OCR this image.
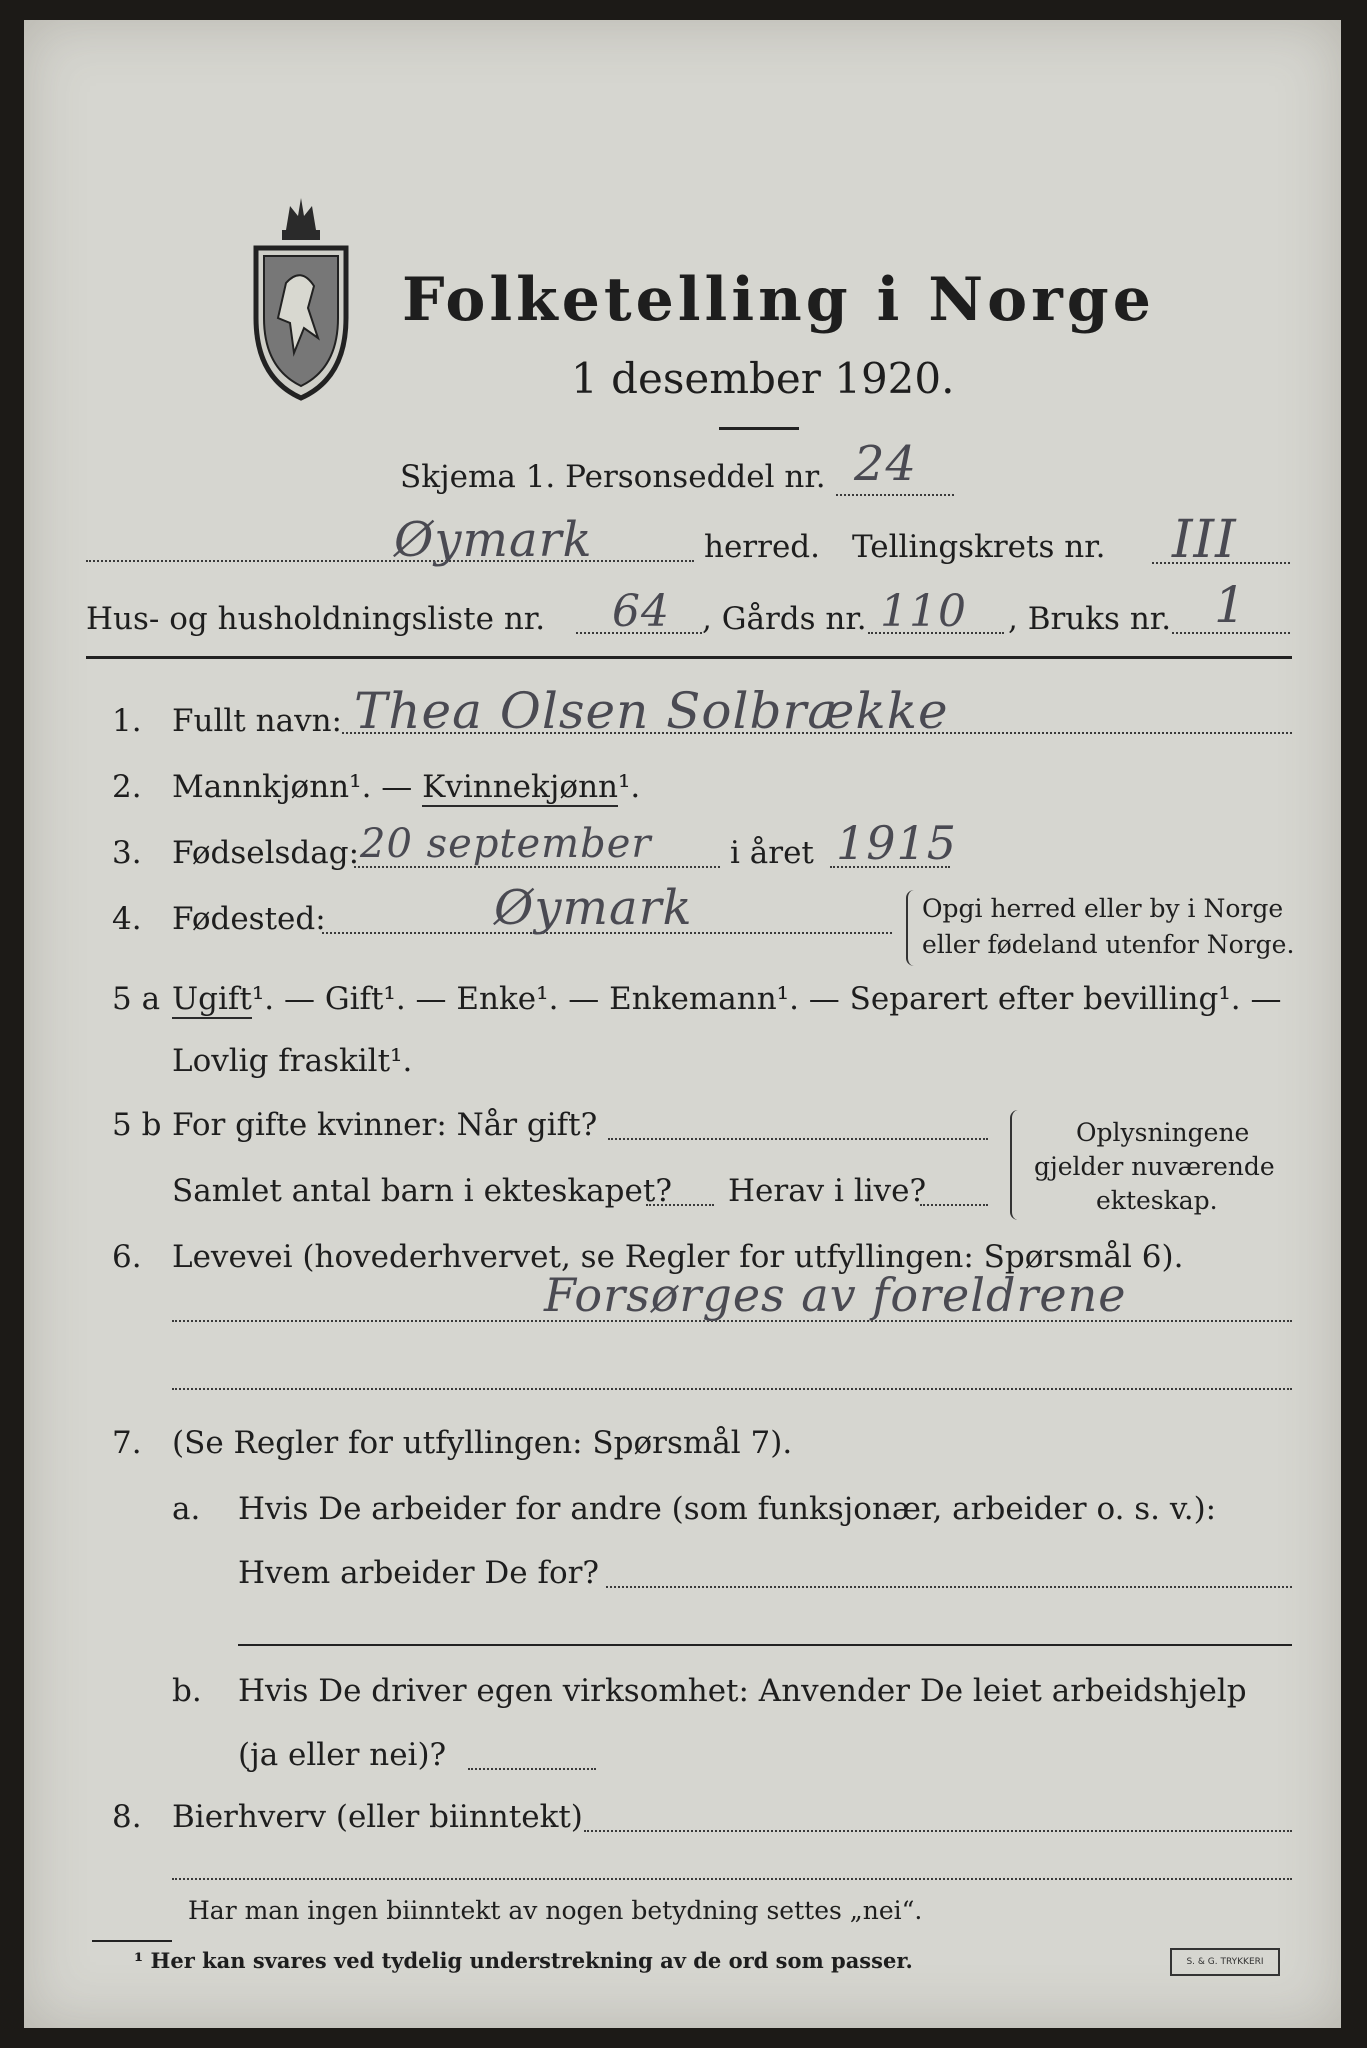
Folketelling i Norge
1 desember 1920.
Skjema 1. Personseddel nr. 24
Øymark	herred. Tellingskrets nr. III
Hus- og husholdningsliste nr. 64 , Gårds nr. 110 , Bruks nr. 1
1. Fullt navn: Thea Olsen Solbrække
2. Mannkjønn¹. — Kvinnekjønn¹.
3. Fødselsdag: 20 september	i året 1915
4. Fødested:	Øymark	Opgi herred eller by i Norge
eller fødeland utenfor Norge.
5 a Ugift¹. — Gift¹. — Enke¹. — Enkemann¹. — Separert efter bevilling¹. —
Lovlig fraskilt¹.
5 b For gifte kvinner: Når gift?
Samlet antal barn i ekteskapet? Herav i live?
Oplysningene
gjelder nuværende
ekteskap.
6. Levevei (hovederhvervet, se Regler for utfyllingen: Spørsmål 6).
Forsørges av foreldrene
7. (Se Regler for utfyllingen: Spørsmål 7).
a. Hvis De arbeider for andre (som funksjonær, arbeider o. s. v.):
Hvem arbeider De for?
b. Hvis De driver egen virksomhet: Anvender De leiet arbeidshjelp
(ja eller nei)?
8. Bierhverv (eller biinntekt)
Har man ingen biinntekt av nogen betydning settes „nei“.
¹ Her kan svares ved tydelig understrekning av de ord som passer.	S. & G. TRYKKERI
